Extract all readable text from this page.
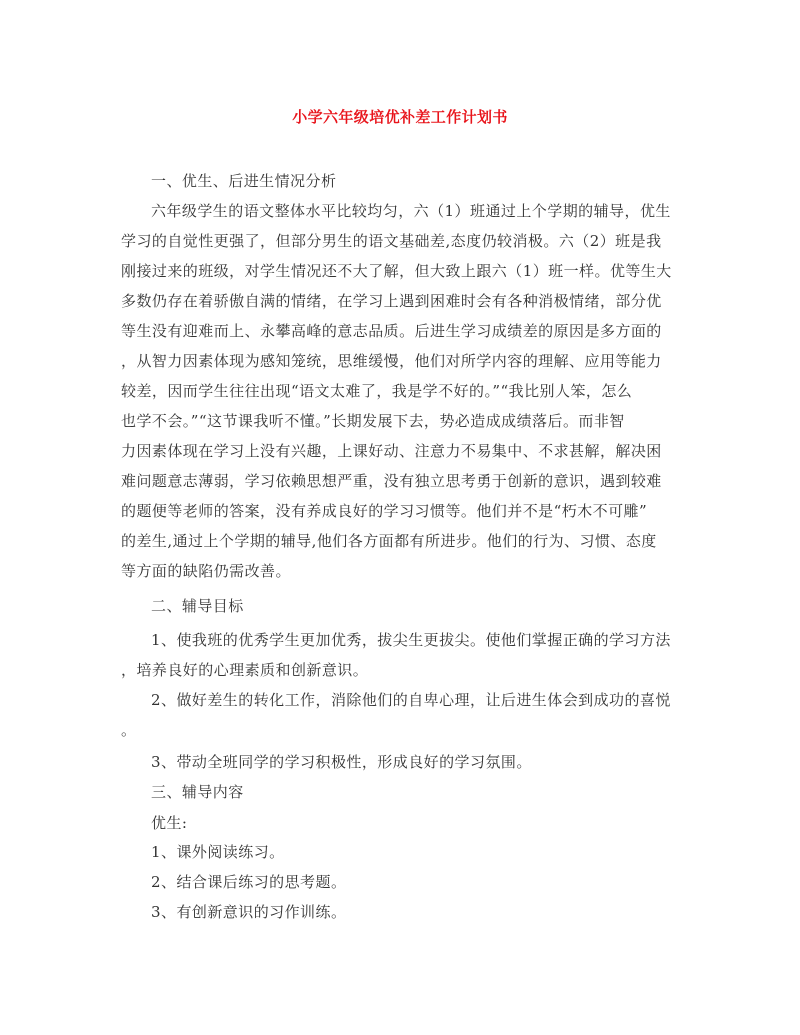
小学六年级培优补差工作计划书
一、优生、后进生情况分析
六年级学生的语文整体水平比较均匀，六（1）班通过上个学期的辅导，优生
学习的自觉性更强了，但部分男生的语文基础差,态度仍较消极。六（2）班是我
刚接过来的班级，对学生情况还不大了解，但大致上跟六（1）班一样。优等生大
多数仍存在着骄傲自满的情绪，在学习上遇到困难时会有各种消极情绪，部分优
等生没有迎难而上、永攀高峰的意志品质。后进生学习成绩差的原因是多方面的
，从智力因素体现为感知笼统，思维缓慢，他们对所学内容的理解、应用等能力
较差，因而学生往往出现“语文太难了，我是学不好的。”“我比别人笨，怎么
也学不会。”“这节课我听不懂。”长期发展下去，势必造成成绩落后。而非智
力因素体现在学习上没有兴趣，上课好动、注意力不易集中、不求甚解，解决困
难问题意志薄弱，学习依赖思想严重，没有独立思考勇于创新的意识，遇到较难
的题便等老师的答案，没有养成良好的学习习惯等。他们并不是“朽木不可雕”
的差生,通过上个学期的辅导,他们各方面都有所进步。他们的行为、习惯、态度
等方面的缺陷仍需改善。
二、辅导目标
1、使我班的优秀学生更加优秀，拔尖生更拔尖。使他们掌握正确的学习方法
，培养良好的心理素质和创新意识。
2、做好差生的转化工作，消除他们的自卑心理，让后进生体会到成功的喜悦
。
3、带动全班同学的学习积极性，形成良好的学习氛围。
三、辅导内容
优生:
1、课外阅读练习。
2、结合课后练习的思考题。
3、有创新意识的习作训练。
